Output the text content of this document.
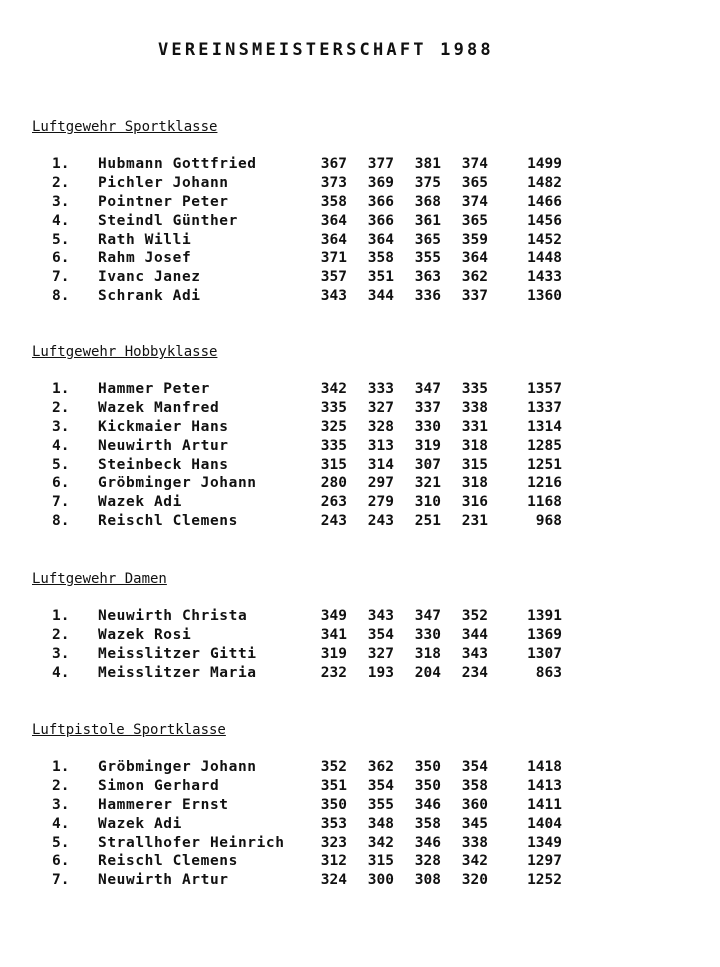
VEREINSMEISTERSCHAFT 1988
Luftgewehr Sportklasse
1. Hubmann Gottfried	367	377	381	374	1499
2. Pichler Johann	373	369	375	365	1482
3. Pointner Peter	358	366	368	374	1466
4. Steindl Günther	364	366	361	365	1456
5. Rath Willi	364	364	365	359	1452
6. Rahm Josef	371	358	355	364	1448
7. Ivanc Janez	357	351	363	362	1433
8. Schrank Adi	343	344	336	337	1360
Luftgewehr Hobbyklasse
1. Hammer Peter	342	333	347	335	1357
2. Wazek Manfred	335	327	337	338	1337
3. Kickmaier Hans	325	328	330	331	1314
4. Neuwirth Artur	335	313	319	318	1285
5. Steinbeck Hans	315	314	307	315	1251
6. Gröbminger Johann	280	297	321	318	1216
7. Wazek Adi	263	279	310	316	1168
8. Reischl Clemens	243	243	251	231	968
Luftgewehr Damen
1. Neuwirth Christa	349	343	347	352	1391
2. Wazek Rosi	341	354	330	344	1369
3. Meisslitzer Gitti	319	327	318	343	1307
4. Meisslitzer Maria	232	193	204	234	863
Luftpistole Sportklasse
1. Gröbminger Johann	352	362	350	354	1418
2. Simon Gerhard	351	354	350	358	1413
3. Hammerer Ernst	350	355	346	360	1411
4. Wazek Adi	353	348	358	345	1404
5. Strallhofer Heinrich	323	342	346	338	1349
6. Reischl Clemens	312	315	328	342	1297
7. Neuwirth Artur	324	300	308	320	1252
